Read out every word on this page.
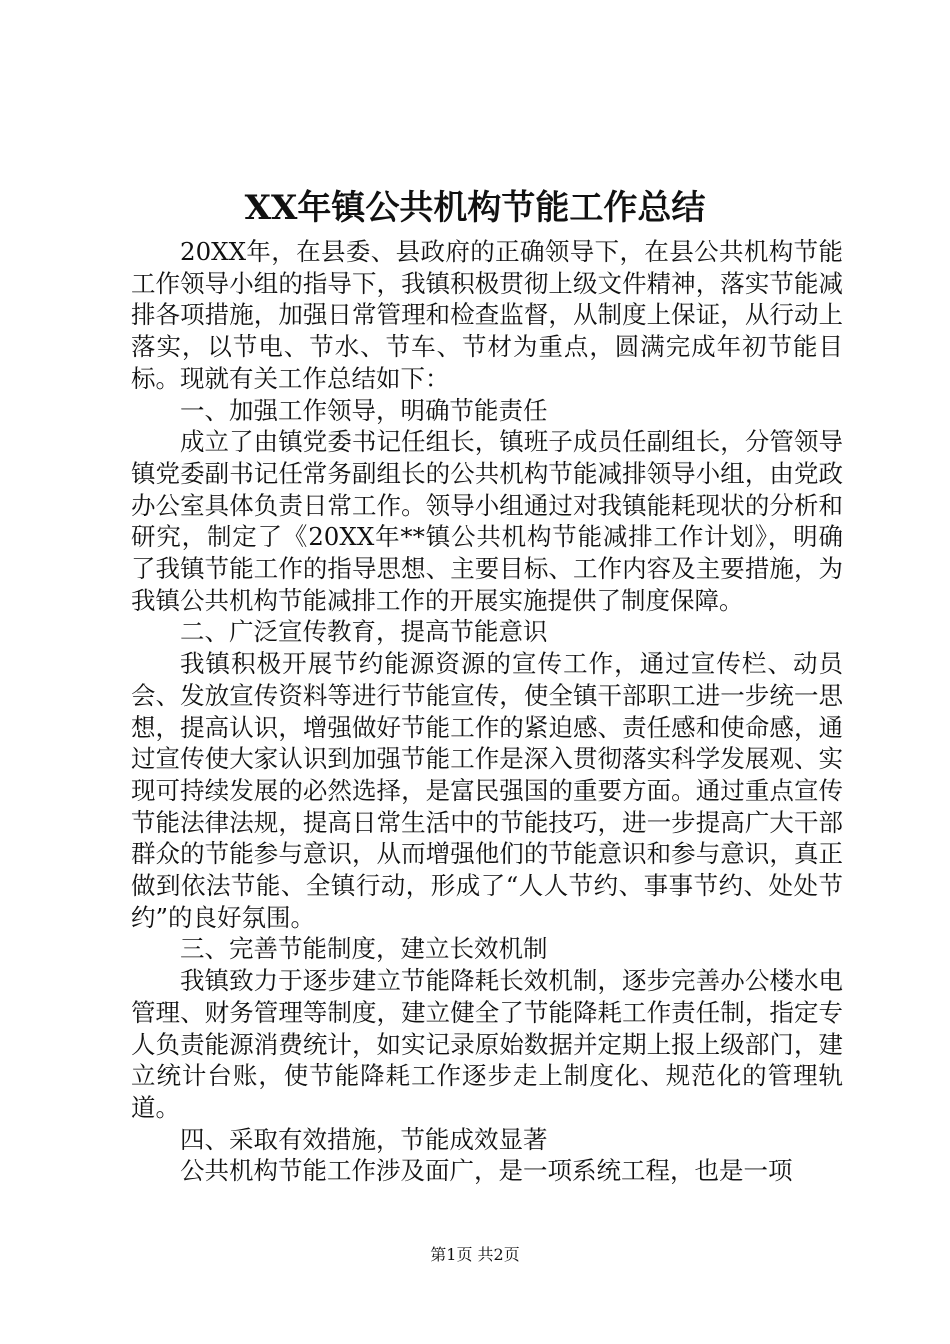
XX年镇公共机构节能工作总结

20XX年，在县委、县政府的正确领导下，在县公共机构节能工作领导小组的指导下，我镇积极贯彻上级文件精神，落实节能减排各项措施，加强日常管理和检查监督，从制度上保证，从行动上落实，以节电、节水、节车、节材为重点，圆满完成年初节能目标。现就有关工作总结如下：

一、加强工作领导，明确节能责任

成立了由镇党委书记任组长，镇班子成员任副组长，分管领导镇党委副书记任常务副组长的公共机构节能减排领导小组，由党政办公室具体负责日常工作。领导小组通过对我镇能耗现状的分析和研究，制定了《20XX年**镇公共机构节能减排工作计划》，明确了我镇节能工作的指导思想、主要目标、工作内容及主要措施，为我镇公共机构节能减排工作的开展实施提供了制度保障。

二、广泛宣传教育，提高节能意识

我镇积极开展节约能源资源的宣传工作，通过宣传栏、动员会、发放宣传资料等进行节能宣传，使全镇干部职工进一步统一思想，提高认识，增强做好节能工作的紧迫感、责任感和使命感，通过宣传使大家认识到加强节能工作是深入贯彻落实科学发展观、实现可持续发展的必然选择，是富民强国的重要方面。通过重点宣传节能法律法规，提高日常生活中的节能技巧，进一步提高广大干部群众的节能参与意识，从而增强他们的节能意识和参与意识，真正做到依法节能、全镇行动，形成了“人人节约、事事节约、处处节约”的良好氛围。

三、完善节能制度，建立长效机制

我镇致力于逐步建立节能降耗长效机制，逐步完善办公楼水电管理、财务管理等制度，建立健全了节能降耗工作责任制，指定专人负责能源消费统计，如实记录原始数据并定期上报上级部门，建立统计台账，使节能降耗工作逐步走上制度化、规范化的管理轨道。

四、采取有效措施，节能成效显著

公共机构节能工作涉及面广，是一项系统工程，也是一项

第1页 共2页
